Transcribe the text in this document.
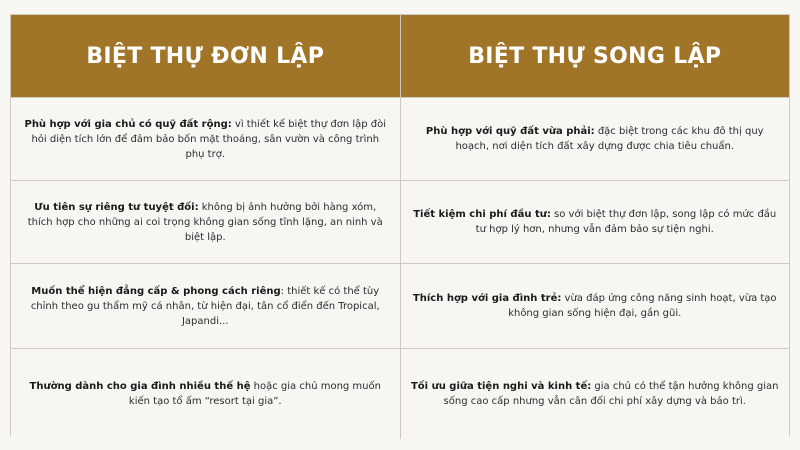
BIỆT THỰ ĐƠN LẬP	BIỆT THỰ SONG LẬP
Phù hợp với gia chủ có quỹ đất rộng: vì thiết kế biệt thự đơn lập đòi hỏi diện tích lớn để đảm bảo bốn mặt thoáng, sân vườn và công trình phụ trợ.	Phù hợp với quỹ đất vừa phải: đặc biệt trong các khu đô thị quy hoạch, nơi diện tích đất xây dựng được chia tiêu chuẩn.
Ưu tiên sự riêng tư tuyệt đối: không bị ảnh hưởng bởi hàng xóm, thích hợp cho những ai coi trọng không gian sống tĩnh lặng, an ninh và biệt lập.	Tiết kiệm chi phí đầu tư: so với biệt thự đơn lập, song lập có mức đầu tư hợp lý hơn, nhưng vẫn đảm bảo sự tiện nghi.
Muốn thể hiện đẳng cấp & phong cách riêng: thiết kế có thể tùy chỉnh theo gu thẩm mỹ cá nhân, từ hiện đại, tân cổ điển đến Tropical, Japandi...	Thích hợp với gia đình trẻ: vừa đáp ứng công năng sinh hoạt, vừa tạo không gian sống hiện đại, gần gũi.
Thường dành cho gia đình nhiều thế hệ hoặc gia chủ mong muốn kiến tạo tổ ấm “resort tại gia”.	Tối ưu giữa tiện nghi và kinh tế: gia chủ có thể tận hưởng không gian sống cao cấp nhưng vẫn cân đối chi phí xây dựng và bảo trì.
